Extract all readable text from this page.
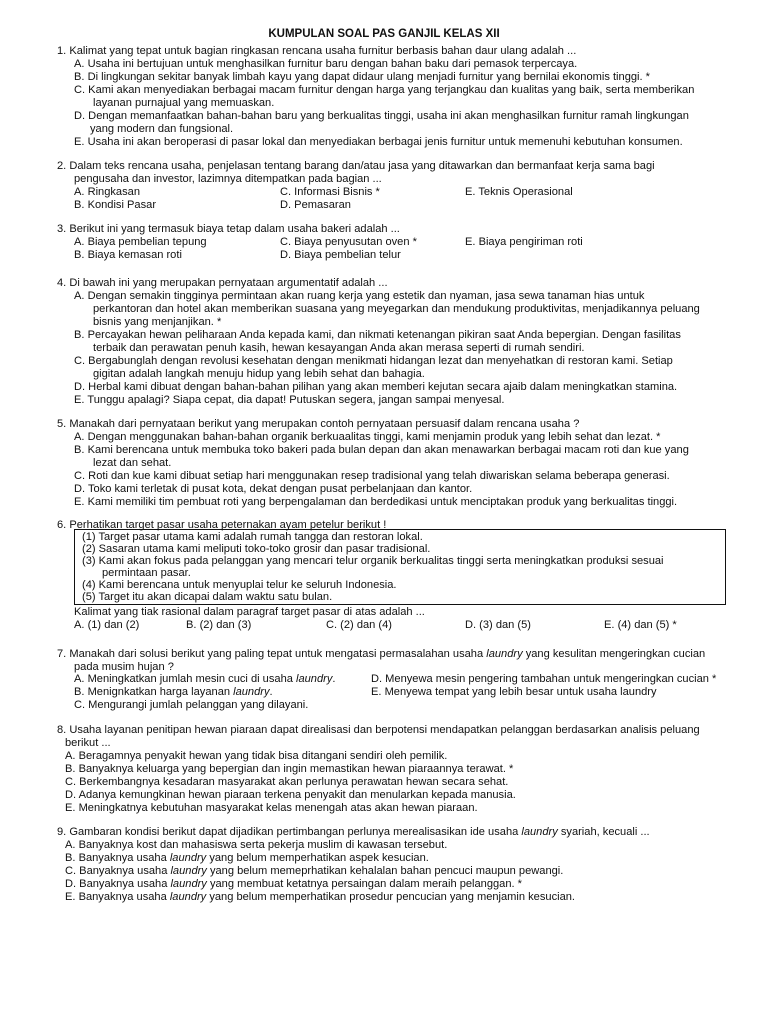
KUMPULAN SOAL PAS GANJIL KELAS XII
1. Kalimat yang tepat untuk bagian ringkasan rencana usaha furnitur berbasis bahan daur ulang adalah ...
A. Usaha ini bertujuan untuk menghasilkan furnitur baru dengan bahan baku dari pemasok terpercaya.
B. Di lingkungan sekitar banyak limbah kayu yang dapat didaur ulang menjadi furnitur yang bernilai ekonomis tinggi. *
C. Kami akan menyediakan berbagai macam furnitur dengan harga yang terjangkau dan kualitas yang baik, serta memberikan
layanan purnajual yang memuaskan.
D. Dengan memanfaatkan bahan-bahan baru yang berkualitas tinggi, usaha ini akan menghasilkan furnitur ramah lingkungan
yang modern dan fungsional.
E. Usaha ini akan beroperasi di pasar lokal dan menyediakan berbagai jenis furnitur untuk memenuhi kebutuhan konsumen.
2. Dalam teks rencana usaha, penjelasan tentang barang dan/atau jasa yang ditawarkan dan bermanfaat kerja sama bagi
pengusaha dan investor, lazimnya ditempatkan pada bagian ...
A. Ringkasan	C. Informasi Bisnis *	E. Teknis Operasional
B. Kondisi Pasar	D. Pemasaran
3. Berikut ini yang termasuk biaya tetap dalam usaha bakeri adalah ...
A. Biaya pembelian tepung	C. Biaya penyusutan oven *	E. Biaya pengiriman roti
B. Biaya kemasan roti	D. Biaya pembelian telur
4. Di bawah ini yang merupakan pernyataan argumentatif adalah ...
A. Dengan semakin tingginya permintaan akan ruang kerja yang estetik dan nyaman, jasa sewa tanaman hias untuk
perkantoran dan hotel akan memberikan suasana yang meyegarkan dan mendukung produktivitas, menjadikannya peluang
bisnis yang menjanjikan. *
B. Percayakan hewan peliharaan Anda kepada kami, dan nikmati ketenangan pikiran saat Anda bepergian. Dengan fasilitas
terbaik dan perawatan penuh kasih, hewan kesayangan Anda akan merasa seperti di rumah sendiri.
C. Bergabunglah dengan revolusi kesehatan dengan menikmati hidangan lezat dan menyehatkan di restoran kami. Setiap
gigitan adalah langkah menuju hidup yang lebih sehat dan bahagia.
D. Herbal kami dibuat dengan bahan-bahan pilihan yang akan memberi kejutan secara ajaib dalam meningkatkan stamina.
E. Tunggu apalagi? Siapa cepat, dia dapat! Putuskan segera, jangan sampai menyesal.
5. Manakah dari pernyataan berikut yang merupakan contoh pernyataan persuasif dalam rencana usaha ?
A. Dengan menggunakan bahan-bahan organik berkuaalitas tinggi, kami menjamin produk yang lebih sehat dan lezat. *
B. Kami berencana untuk membuka toko bakeri pada bulan depan dan akan menawarkan berbagai macam roti dan kue yang
lezat dan sehat.
C. Roti dan kue kami dibuat setiap hari menggunakan resep tradisional yang telah diwariskan selama beberapa generasi.
D. Toko kami terletak di pusat kota, dekat dengan pusat perbelanjaan dan kantor.
E. Kami memiliki tim pembuat roti yang berpengalaman dan berdedikasi untuk menciptakan produk yang berkualitas tinggi.
6. Perhatikan target pasar usaha peternakan ayam petelur berikut !
(1) Target pasar utama kami adalah rumah tangga dan restoran lokal.
(2) Sasaran utama kami meliputi toko-toko grosir dan pasar tradisional.
(3) Kami akan fokus pada pelanggan yang mencari telur organik berkualitas tinggi serta meningkatkan produksi sesuai
permintaan pasar.
(4) Kami berencana untuk menyuplai telur ke seluruh Indonesia.
(5) Target itu akan dicapai dalam waktu satu bulan.
Kalimat yang tiak rasional dalam paragraf target pasar di atas adalah ...
A. (1) dan (2)	B. (2) dan (3)	C. (2) dan (4)	D. (3) dan (5)	E. (4) dan (5) *
7. Manakah dari solusi berikut yang paling tepat untuk mengatasi permasalahan usaha laundry yang kesulitan mengeringkan cucian
pada musim hujan ?
A. Meningkatkan jumlah mesin cuci di usaha laundry.	D. Menyewa mesin pengering tambahan untuk mengeringkan cucian *
B. Menignkatkan harga layanan laundry.	E. Menyewa tempat yang lebih besar untuk usaha laundry
C. Mengurangi jumlah pelanggan yang dilayani.
8. Usaha layanan penitipan hewan piaraan dapat direalisasi dan berpotensi mendapatkan pelanggan berdasarkan analisis peluang
berikut ...
A. Beragamnya penyakit hewan yang tidak bisa ditangani sendiri oleh pemilik.
B. Banyaknya keluarga yang bepergian dan ingin memastikan hewan piaraannya terawat. *
C. Berkembangnya kesadaran masyarakat akan perlunya perawatan hewan secara sehat.
D. Adanya kemungkinan hewan piaraan terkena penyakit dan menularkan kepada manusia.
E. Meningkatnya kebutuhan masyarakat kelas menengah atas akan hewan piaraan.
9. Gambaran kondisi berikut dapat dijadikan pertimbangan perlunya merealisasikan ide usaha laundry syariah, kecuali ...
A. Banyaknya kost dan mahasiswa serta pekerja muslim di kawasan tersebut.
B. Banyaknya usaha laundry yang belum memperhatikan aspek kesucian.
C. Banyaknya usaha laundry yang belum memeprhatikan kehalalan bahan pencuci maupun pewangi.
D. Banyaknya usaha laundry yang membuat ketatnya persaingan dalam meraih pelanggan. *
E. Banyaknya usaha laundry yang belum memperhatikan prosedur pencucian yang menjamin kesucian.
